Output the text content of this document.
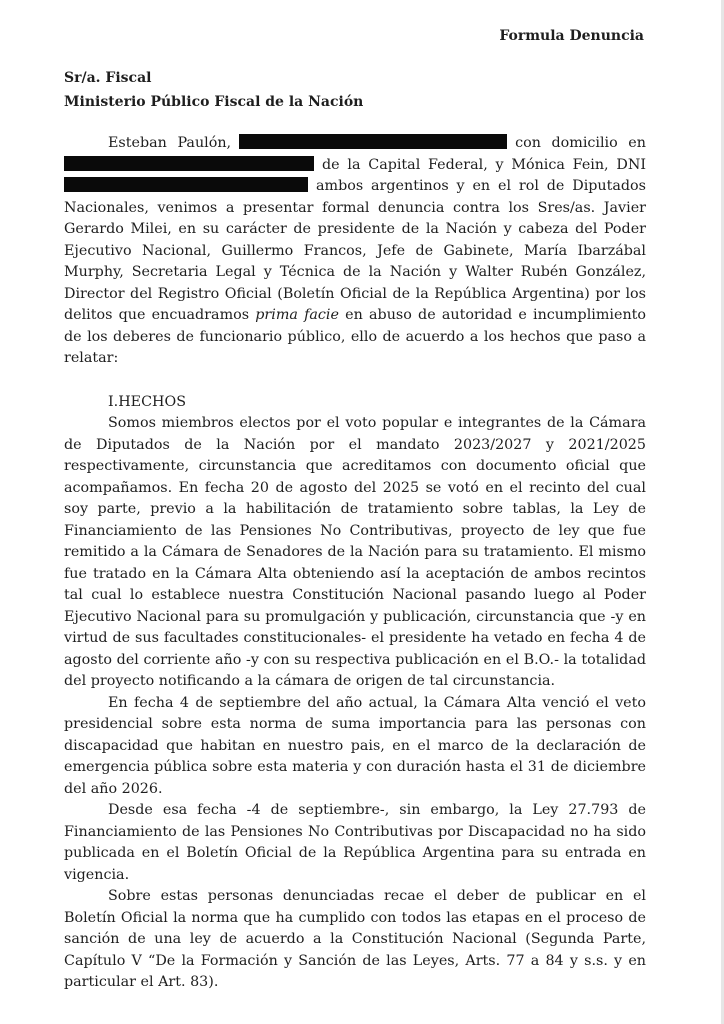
Formula Denuncia
Sr/a. Fiscal
Ministerio Público Fiscal de la Nación

Esteban Paulón,	con domicilio en de la Capital Federal, y Mónica Fein, DNI ambos argentinos y en el rol de Diputados Nacionales, venimos a presentar formal denuncia contra los Sres/as. Javier Gerardo Milei, en su carácter de presidente de la Nación y cabeza del Poder Ejecutivo Nacional, Guillermo Francos, Jefe de Gabinete, María Ibarzábal Murphy, Secretaria Legal y Técnica de la Nación y Walter Rubén González, Director del Registro Oficial (Boletín Oficial de la República Argentina) por los delitos que encuadramos prima facie en abuso de autoridad e incumplimiento de los deberes de funcionario público, ello de acuerdo a los hechos que paso a relatar:

I.HECHOS

Somos miembros electos por el voto popular e integrantes de la Cámara de Diputados de la Nación por el mandato 2023/2027 y 2021/2025 respectivamente, circunstancia que acreditamos con documento oficial que acompañamos. En fecha 20 de agosto del 2025 se votó en el recinto del cual soy parte, previo a la habilitación de tratamiento sobre tablas, la Ley de Financiamiento de las Pensiones No Contributivas, proyecto de ley que fue remitido a la Cámara de Senadores de la Nación para su tratamiento. El mismo fue tratado en la Cámara Alta obteniendo así la aceptación de ambos recintos tal cual lo establece nuestra Constitución Nacional pasando luego al Poder Ejecutivo Nacional para su promulgación y publicación, circunstancia que -y en virtud de sus facultades constitucionales- el presidente ha vetado en fecha 4 de agosto del corriente año -y con su respectiva publicación en el B.O.- la totalidad del proyecto notificando a la cámara de origen de tal circunstancia.

En fecha 4 de septiembre del año actual, la Cámara Alta venció el veto presidencial sobre esta norma de suma importancia para las personas con discapacidad que habitan en nuestro pais, en el marco de la declaración de emergencia pública sobre esta materia y con duración hasta el 31 de diciembre del año 2026.

Desde esa fecha -4 de septiembre-, sin embargo, la Ley 27.793 de Financiamiento de las Pensiones No Contributivas por Discapacidad no ha sido publicada en el Boletín Oficial de la República Argentina para su entrada en vigencia.

Sobre estas personas denunciadas recae el deber de publicar en el Boletín Oficial la norma que ha cumplido con todos las etapas en el proceso de sanción de una ley de acuerdo a la Constitución Nacional (Segunda Parte, Capítulo V “De la Formación y Sanción de las Leyes, Arts. 77 a 84 y s.s. y en particular el Art. 83).
